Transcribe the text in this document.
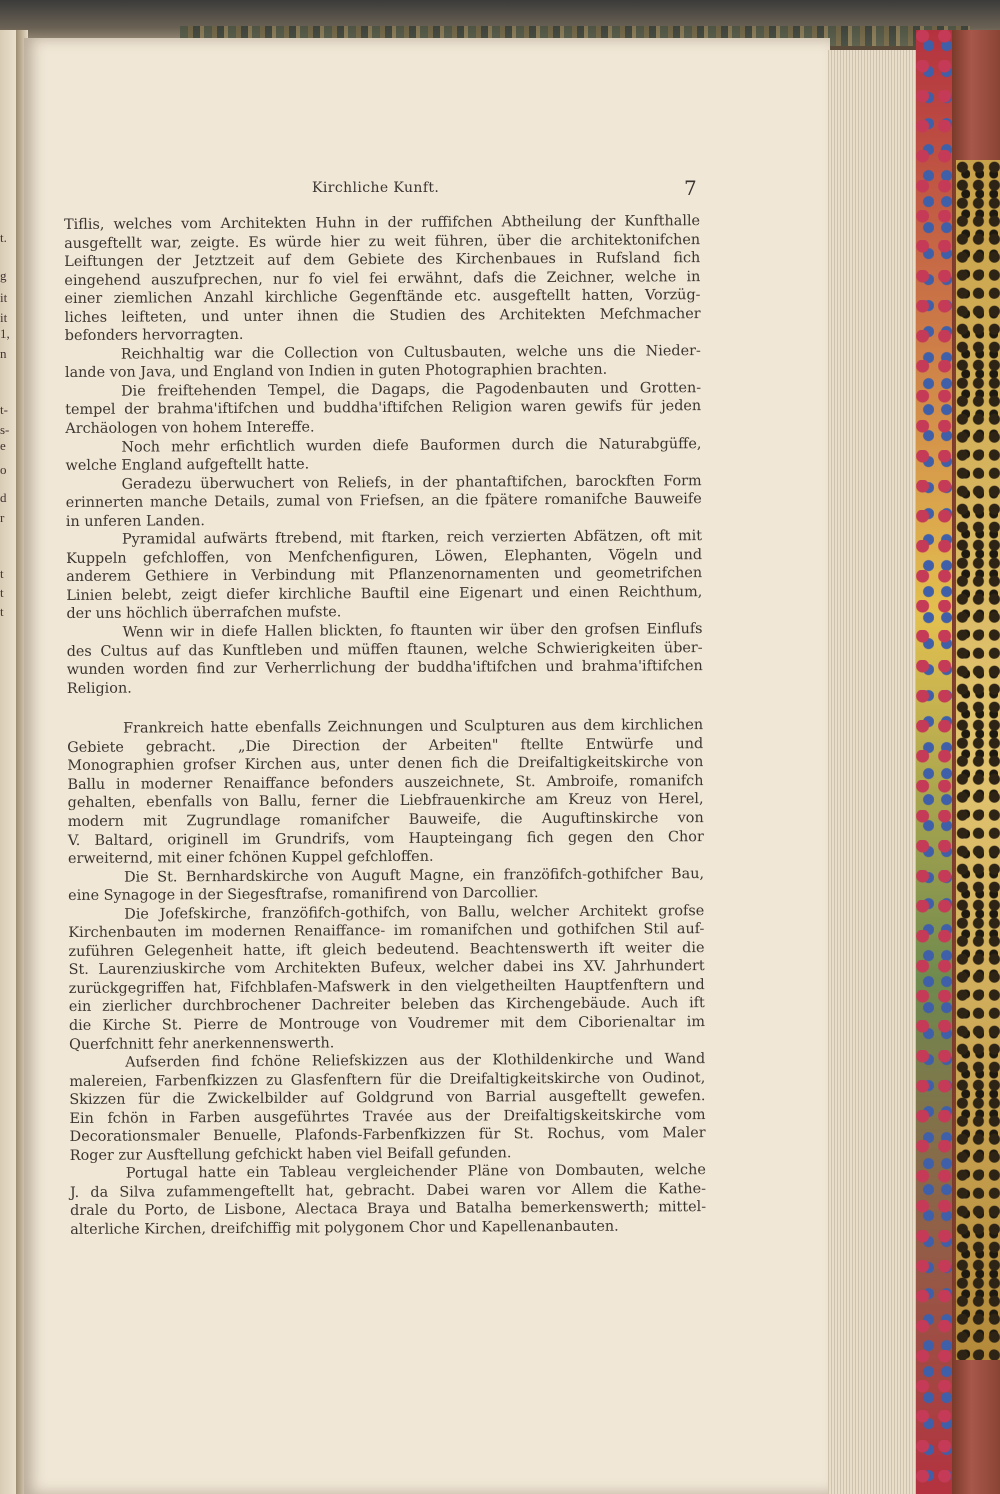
t.
g
it
it
1,
n
t-
s-
e
o
d
r
t
t
t
Kirchliche Kunft.	7
Tiflis, welches vom Architekten Huhn in der ruffifchen Abtheilung der Kunfthalle
ausgeftellt war, zeigte. Es würde hier zu weit führen, über die architektonifchen
Leiftungen der Jetztzeit auf dem Gebiete des Kirchenbaues in Rufsland fich
eingehend auszufprechen, nur fo viel fei erwähnt, dafs die Zeichner, welche in
einer ziemlichen Anzahl kirchliche Gegenftände etc. ausgeftellt hatten, Vorzüg-
liches leifteten, und unter ihnen die Studien des Architekten Mefchmacher
befonders hervorragten.
Reichhaltig war die Collection von Cultusbauten, welche uns die Nieder-
lande von Java, und England von Indien in guten Photographien brachten.
Die freiftehenden Tempel, die Dagaps, die Pagodenbauten und Grotten-
tempel der brahma'iftifchen und buddha'iftifchen Religion waren gewifs für jeden
Archäologen von hohem Intereffe.
Noch mehr erfichtlich wurden diefe Bauformen durch die Naturabgüffe,
welche England aufgeftellt hatte.
Geradezu überwuchert von Reliefs, in der phantaftifchen, barockften Form
erinnerten manche Details, zumal von Friefsen, an die fpätere romanifche Bauweife
in unferen Landen.
Pyramidal aufwärts ftrebend, mit ftarken, reich verzierten Abfätzen, oft mit
Kuppeln gefchloffen, von Menfchenfiguren, Löwen, Elephanten, Vögeln und
anderem Gethiere in Verbindung mit Pflanzenornamenten und geometrifchen
Linien belebt, zeigt diefer kirchliche Bauftil eine Eigenart und einen Reichthum,
der uns höchlich überrafchen mufste.
Wenn wir in diefe Hallen blickten, fo ftaunten wir über den grofsen Einflufs
des Cultus auf das Kunftleben und müffen ftaunen, welche Schwierigkeiten über-
wunden worden find zur Verherrlichung der buddha'iftifchen und brahma'iftifchen
Religion.
Frankreich hatte ebenfalls Zeichnungen und Sculpturen aus dem kirchlichen
Gebiete gebracht. „Die Direction der Arbeiten" ftellte Entwürfe und
Monographien grofser Kirchen aus, unter denen fich die Dreifaltigkeitskirche von
Ballu in moderner Renaiffance befonders auszeichnete, St. Ambroife, romanifch
gehalten, ebenfalls von Ballu, ferner die Liebfrauenkirche am Kreuz von Herel,
modern mit Zugrundlage romanifcher Bauweife, die Auguftinskirche von
V. Baltard, originell im Grundrifs, vom Haupteingang fich gegen den Chor
erweiternd, mit einer fchönen Kuppel gefchloffen.
Die St. Bernhardskirche von Auguft Magne, ein franzöfifch-gothifcher Bau,
eine Synagoge in der Siegesftrafse, romanifirend von Darcollier.
Die Jofefskirche, franzöfifch-gothifch, von Ballu, welcher Architekt grofse
Kirchenbauten im modernen Renaiffance- im romanifchen und gothifchen Stil auf-
zuführen Gelegenheit hatte, ift gleich bedeutend. Beachtenswerth ift weiter die
St. Laurenziuskirche vom Architekten Bufeux, welcher dabei ins XV. Jahrhundert
zurückgegriffen hat, Fifchblafen-Mafswerk in den vielgetheilten Hauptfenftern und
ein zierlicher durchbrochener Dachreiter beleben das Kirchengebäude. Auch ift
die Kirche St. Pierre de Montrouge von Voudremer mit dem Ciborienaltar im
Querfchnitt fehr anerkennenswerth.
Aufserden find fchöne Reliefskizzen aus der Klothildenkirche und Wand
malereien, Farbenfkizzen zu Glasfenftern für die Dreifaltigkeitskirche von Oudinot,
Skizzen für die Zwickelbilder auf Goldgrund von Barrial ausgeftellt gewefen.
Ein fchön in Farben ausgeführtes Travée aus der Dreifaltigskeitskirche vom
Decorationsmaler Benuelle, Plafonds-Farbenfkizzen für St. Rochus, vom Maler
Roger zur Ausftellung gefchickt haben viel Beifall gefunden.
Portugal hatte ein Tableau vergleichender Pläne von Dombauten, welche
J. da Silva zufammengeftellt hat, gebracht. Dabei waren vor Allem die Kathe-
drale du Porto, de Lisbone, Alectaca Braya und Batalha bemerkenswerth; mittel-
alterliche Kirchen, dreifchiffig mit polygonem Chor und Kapellenanbauten.
